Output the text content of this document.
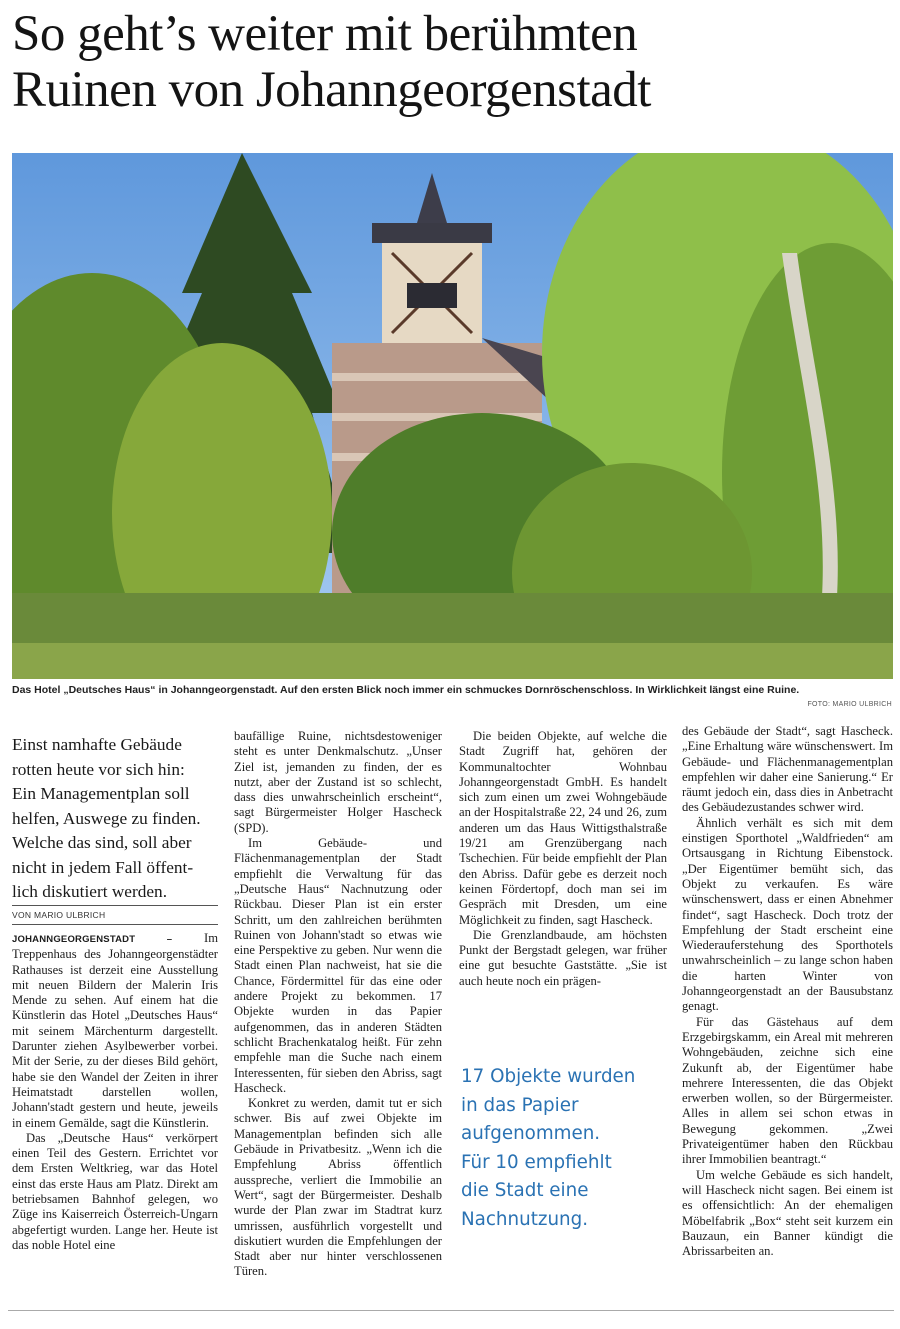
So geht’s weiter mit berühmten
Ruinen von Johanngeorgenstadt
Das Hotel „Deutsches Haus“ in Johanngeorgenstadt. Auf den ersten Blick noch immer ein schmuckes Dornröschenschloss. In Wirklichkeit längst eine Ruine.
FOTO: MARIO ULBRICH
Einst namhafte Gebäude
rotten heute vor sich hin:
Ein Managementplan soll
helfen, Auswege zu finden.
Welche das sind, soll aber
nicht in jedem Fall öffent-
lich diskutiert werden.
VON MARIO ULBRICH

JOHANNGEORGENSTADT –	Im Treppenhaus des Johanngeorgenstädter Rathauses ist derzeit eine Ausstellung mit neuen Bildern der Malerin Iris Mende zu sehen. Auf einem hat die Künstlerin das Hotel „Deutsches Haus“ mit seinem Märchenturm dargestellt. Darunter ziehen Asylbewerber vorbei. Mit der Serie, zu der dieses Bild gehört, habe sie den Wandel der Zeiten in ihrer Heimatstadt darstellen wollen, Johann'stadt gestern und heute, jeweils in einem Gemälde, sagt die Künstlerin.

Das „Deutsche Haus“ verkörpert einen Teil des Gestern. Errichtet vor dem Ersten Weltkrieg, war das Hotel einst das erste Haus am Platz. Direkt am betriebsamen Bahnhof gelegen, wo Züge ins Kaiserreich Österreich-Ungarn abgefertigt wurden. Lange her. Heute ist das noble Hotel eine

baufällige Ruine, nichtsdestoweniger steht es unter Denkmalschutz. „Unser Ziel ist, jemanden zu finden, der es nutzt, aber der Zustand ist so schlecht, dass dies unwahrscheinlich erscheint“, sagt Bürgermeister Holger Hascheck (SPD).

Im Gebäude- und Flächenmanagementplan der Stadt empfiehlt die Verwaltung für das „Deutsche Haus“ Nachnutzung oder Rückbau. Dieser Plan ist ein erster Schritt, um den zahlreichen berühmten Ruinen von Johann'stadt so etwas wie eine Perspektive zu geben. Nur wenn die Stadt einen Plan nachweist, hat sie die Chance, Fördermittel für das eine oder andere Projekt zu bekommen. 17 Objekte wurden in das Papier aufgenommen, das in anderen Städten schlicht Brachenkatalog heißt. Für zehn empfehle man die Suche nach einem Interessenten, für sieben den Abriss, sagt Hascheck.

Konkret zu werden, damit tut er sich schwer. Bis auf zwei Objekte im Managementplan befinden sich alle Gebäude in Privatbesitz. „Wenn ich die Empfehlung Abriss öffentlich ausspreche, verliert die Immobilie an Wert“, sagt der Bürgermeister. Deshalb wurde der Plan zwar im Stadtrat kurz umrissen, ausführlich vorgestellt und diskutiert wurden die Empfehlungen der Stadt aber nur hinter verschlossenen Türen.

Die beiden Objekte, auf welche die Stadt Zugriff hat, gehören der Kommunaltochter Wohnbau Johanngeorgenstadt GmbH. Es handelt sich zum einen um zwei Wohngebäude an der Hospitalstraße 22, 24 und 26, zum anderen um das Haus Wittigsthalstraße 19/21 am Grenzübergang nach Tschechien. Für beide empfiehlt der Plan den Abriss. Dafür gebe es derzeit noch keinen Fördertopf, doch man sei im Gespräch mit Dresden, um eine Möglichkeit zu finden, sagt Hascheck.

Die Grenzlandbaude, am höchsten Punkt der Bergstadt gelegen, war früher eine gut besuchte Gaststätte. „Sie ist auch heute noch ein prägen-

17 Objekte wurden
in das Papier
aufgenommen.
Für 10 empfiehlt
die Stadt eine
Nachnutzung.

des Gebäude der Stadt“, sagt Hascheck. „Eine Erhaltung wäre wünschenswert. Im Gebäude- und Flächenmanagementplan empfehlen wir daher eine Sanierung.“ Er räumt jedoch ein, dass dies in Anbetracht des Gebäudezustandes schwer wird.

Ähnlich verhält es sich mit dem einstigen Sporthotel „Waldfrieden“ am Ortsausgang in Richtung Eibenstock. „Der Eigentümer bemüht sich, das Objekt zu verkaufen. Es wäre wünschenswert, dass er einen Abnehmer findet“, sagt Hascheck. Doch trotz der Empfehlung der Stadt erscheint eine Wiederauferstehung des Sporthotels unwahrscheinlich – zu lange schon haben die harten Winter von Johanngeorgenstadt an der Bausubstanz genagt.

Für das Gästehaus auf dem Erzgebirgskamm, ein Areal mit mehreren Wohngebäuden, zeichne sich eine Zukunft ab, der Eigentümer habe mehrere Interessenten, die das Objekt erwerben wollen, so der Bürgermeister. Alles in allem sei schon etwas in Bewegung gekommen. „Zwei Privateigentümer haben den Rückbau ihrer Immobilien beantragt.“

Um welche Gebäude es sich handelt, will Hascheck nicht sagen. Bei einem ist es offensichtlich: An der ehemaligen Möbelfabrik „Box“ steht seit kurzem ein Bauzaun, ein Banner kündigt die Abrissarbeiten an.
